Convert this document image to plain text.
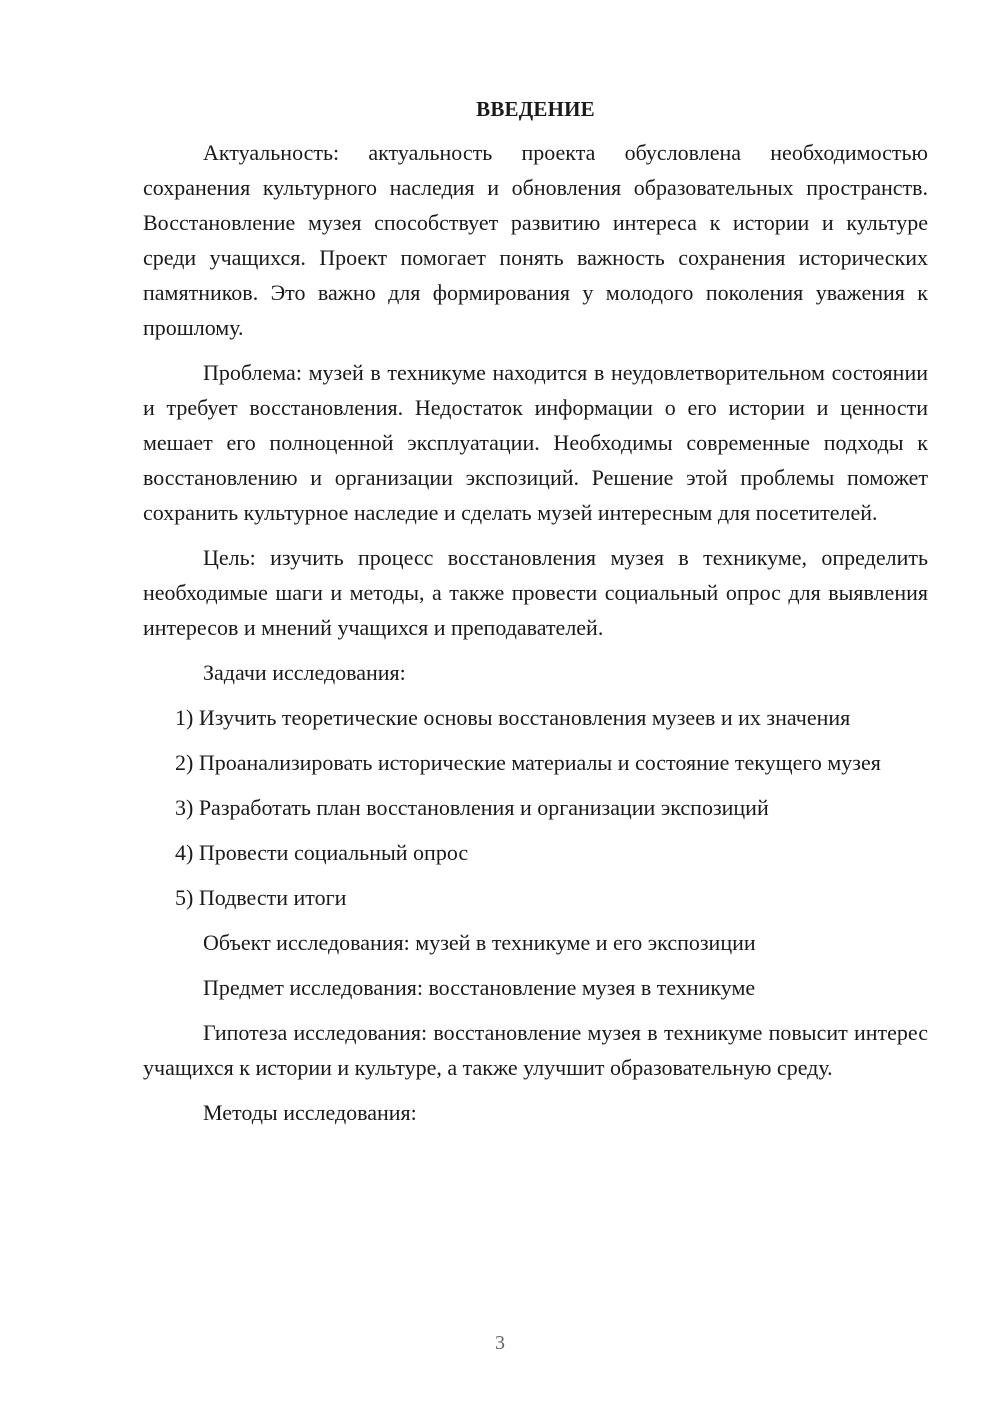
ВВЕДЕНИЕ

Актуальность: актуальность проекта обусловлена необходимостью сохранения культурного наследия и обновления образовательных пространств. Восстановление музея способствует развитию интереса к истории и культуре среди учащихся. Проект помогает понять важность сохранения исторических памятников. Это важно для формирования у молодого поколения уважения к прошлому.

Проблема: музей в техникуме находится в неудовлетворительном состоянии и требует восстановления. Недостаток информации о его истории и ценности мешает его полноценной эксплуатации. Необходимы современные подходы к восстановлению и организации экспозиций. Решение этой проблемы поможет сохранить культурное наследие и сделать музей интересным для посетителей.

Цель: изучить процесс восстановления музея в техникуме, определить необходимые шаги и методы, а также провести социальный опрос для выявления интересов и мнений учащихся и преподавателей.

Задачи исследования:

1) Изучить теоретические основы восстановления музеев и их значения

2) Проанализировать исторические материалы и состояние текущего музея

3) Разработать план восстановления и организации экспозиций

4) Провести социальный опрос

5) Подвести итоги

Объект исследования: музей в техникуме и его экспозиции

Предмет исследования: восстановление музея в техникуме

Гипотеза исследования: восстановление музея в техникуме повысит интерес учащихся к истории и культуре, а также улучшит образовательную среду.

Методы исследования:

3
